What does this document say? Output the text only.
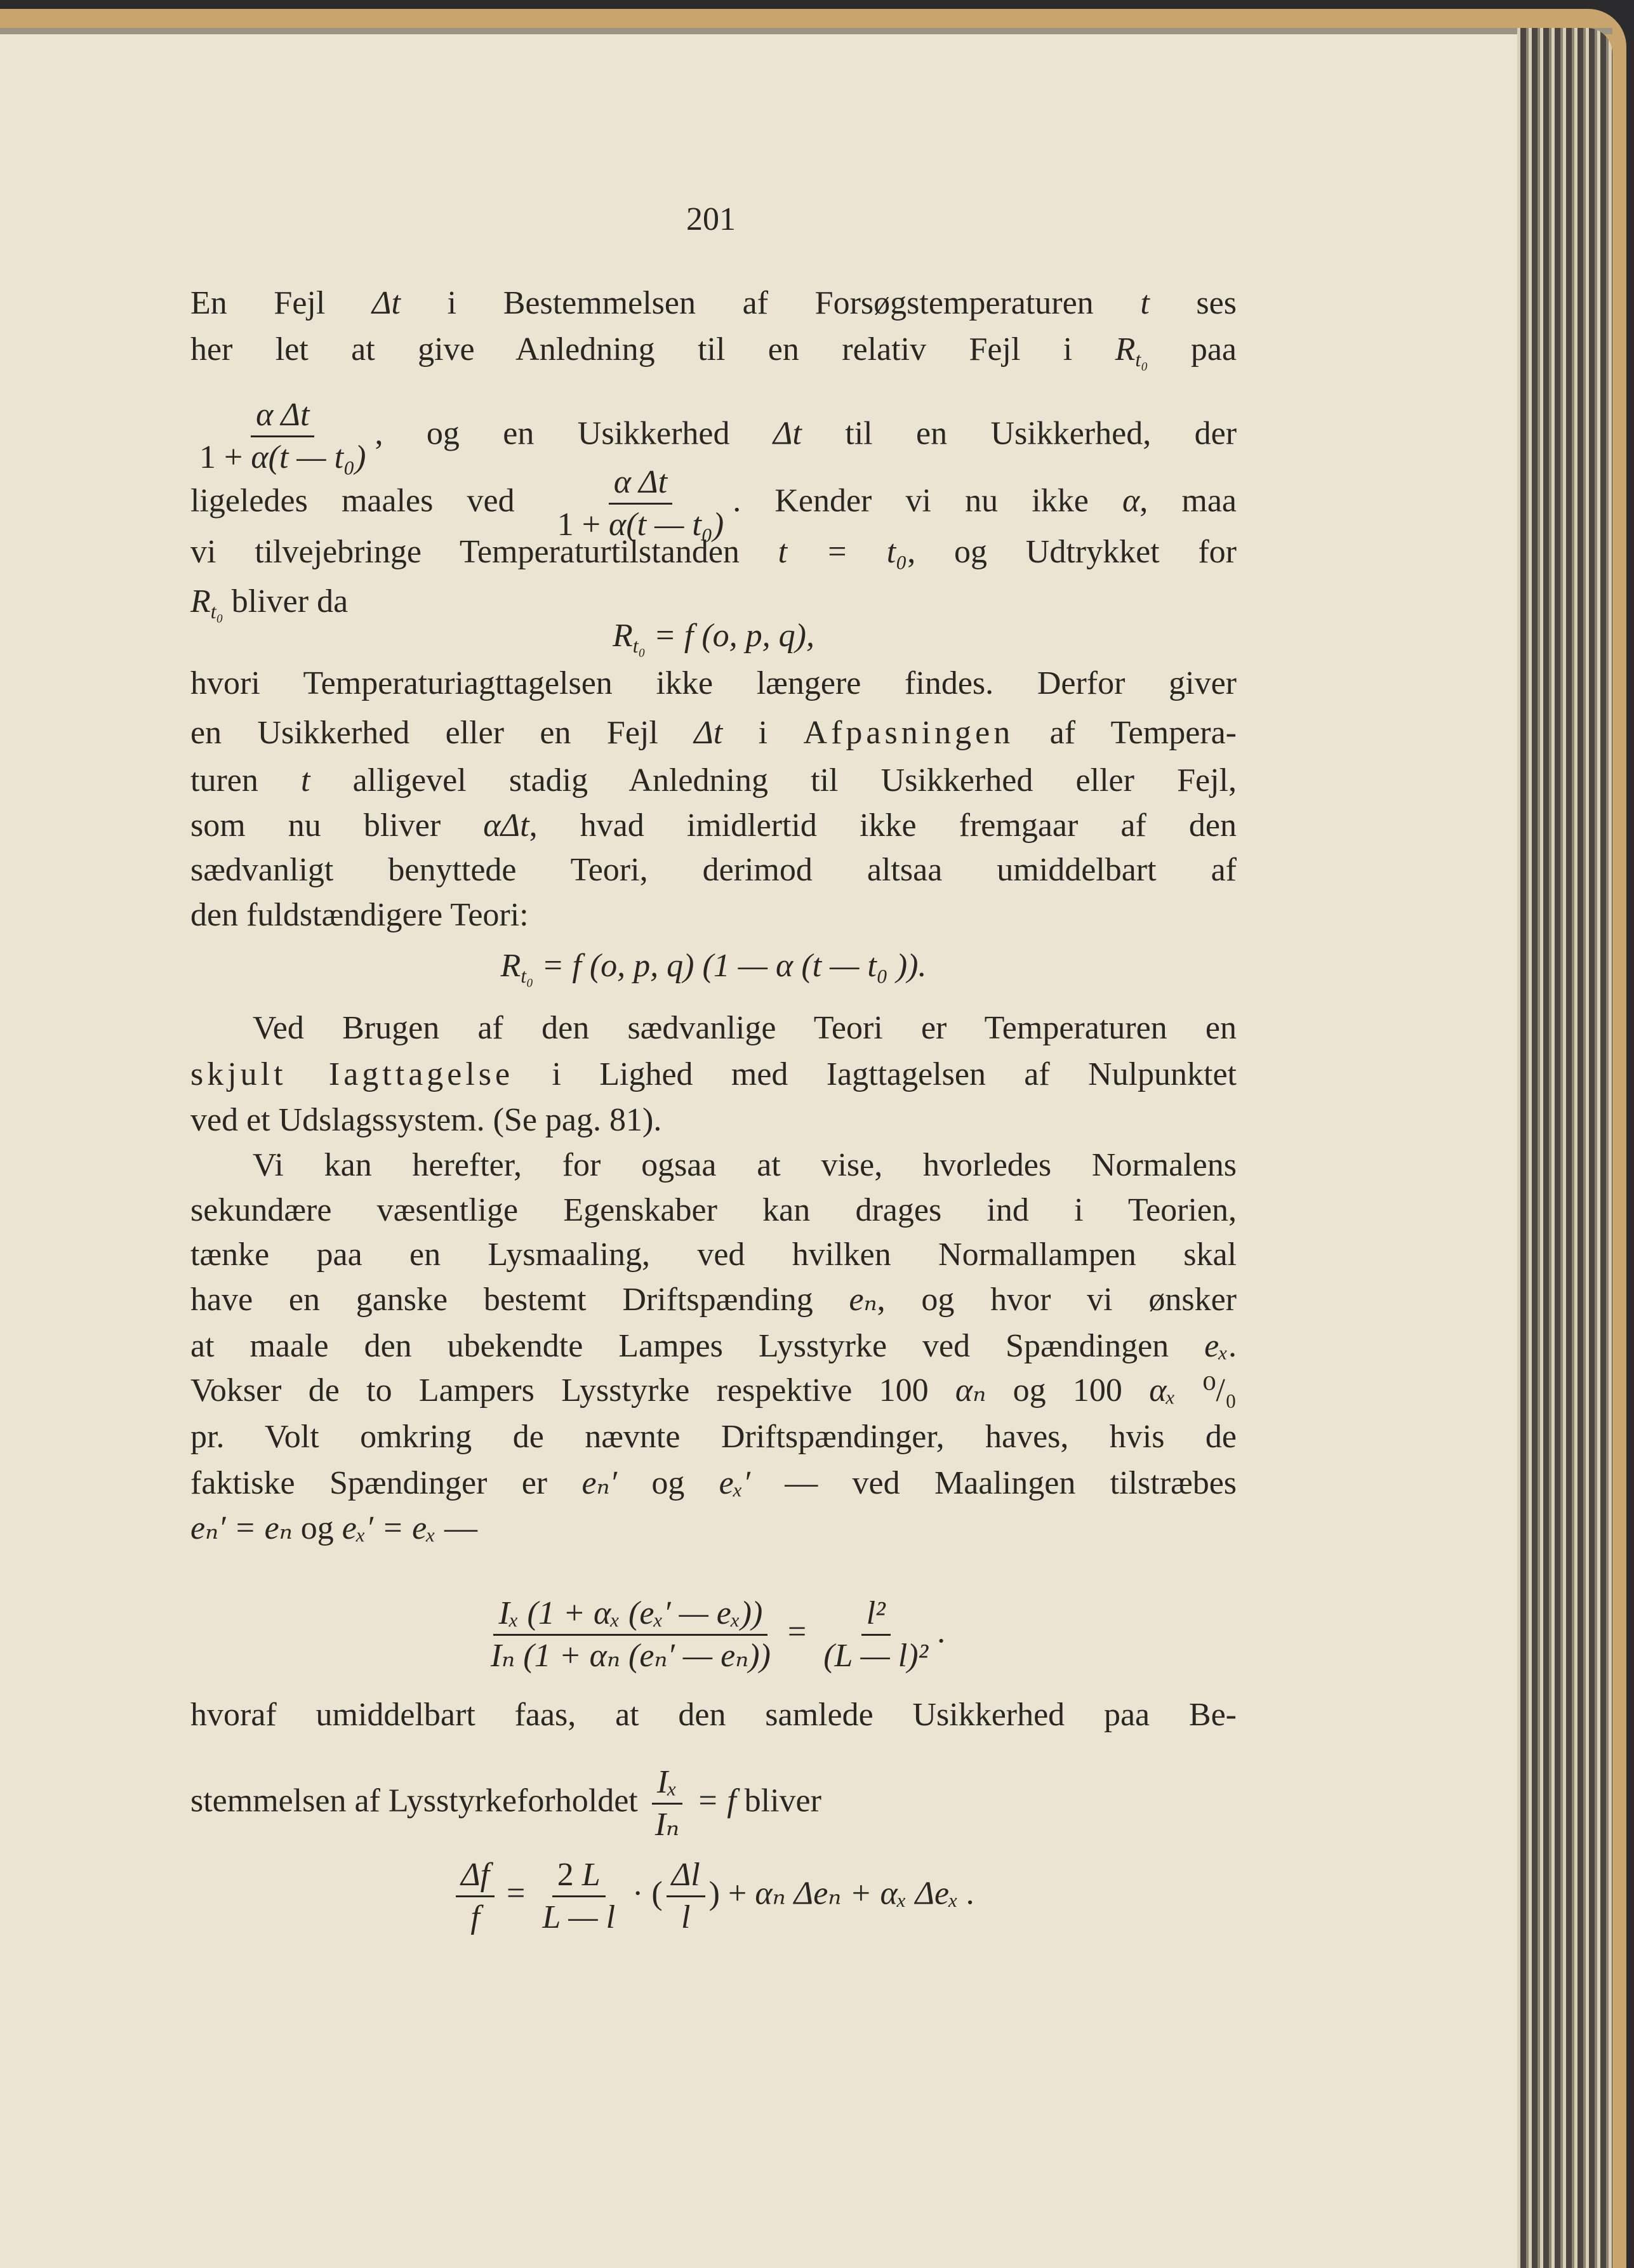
201
En Fejl Δt i Bestemmelsen af Forsøgstemperaturen t ses
her let at give Anledning til en relativ Fejl i $R_{t_0}$ paa
$\frac{\text{α Δt}}{\text{1 + α(t — t₀)}}$ , og en Usikkerhed Δt til en Usikkerhed, der
ligeledes maales ved $\frac{\text{α Δt}}{\text{1 + α(t — t₀)}}$ . Kender vi nu ikke α, maa
vi tilvejebringe Temperaturtilstanden t = t₀, og Udtrykket for
$R_{t_0}$ bliver da
$R_{t_0} = f$ (o, p, q),
hvori Temperaturiagttagelsen ikke længere findes. Derfor giver
en Usikkerhed eller en Fejl Δt i Afpasningen af Tempera-
turen t alligevel stadig Anledning til Usikkerhed eller Fejl,
som nu bliver αΔt, hvad imidlertid ikke fremgaar af den
sædvanligt benyttede Teori, derimod altsaa umiddelbart af
den fuldstændigere Teori:
$R_{t_0} = f$ (o, p, q) (1 — α (t — t₀ )).
Ved Brugen af den sædvanlige Teori er Temperaturen en
skjult Iagttagelse i Lighed med Iagttagelsen af Nulpunktet
ved et Udslagssystem. (Se pag. 81).
Vi kan herefter, for ogsaa at vise, hvorledes Normalens
sekundære væsentlige Egenskaber kan drages ind i Teorien,
tænke paa en Lysmaaling, ved hvilken Normallampen skal
have en ganske bestemt Driftspænding eₙ, og hvor vi ønsker
at maale den ubekendte Lampes Lysstyrke ved Spændingen eₓ.
Vokser de to Lampers Lysstyrke respektive 100 αₙ og 100 αₓ ⁰/₀
pr. Volt omkring de nævnte Driftspændinger, haves, hvis de
faktiske Spændinger er eₙ′ og eₓ′ — ved Maalingen tilstræbes
eₙ′ = eₙ og eₓ′ = eₓ —
$\frac{\text{Iₓ (1 + αₓ (eₓ′ — eₓ))}}{\text{Iₙ (1 + αₙ (eₙ′ — eₙ))}} = \frac{\text{l²}}{\text{(L — l)²}}$ .
hvoraf umiddelbart faas, at den samlede Usikkerhed paa Be-
stemmelsen af Lysstyrkeforholdet $\frac{\text{Iₓ}}{\text{Iₙ}} = f$ bliver
$\frac{\Delta f}{f} = \frac{2 L}{L — l}$ · ( $\frac{\Delta l}{l}$ ) + αₙ Δeₙ + αₓ Δeₓ .
